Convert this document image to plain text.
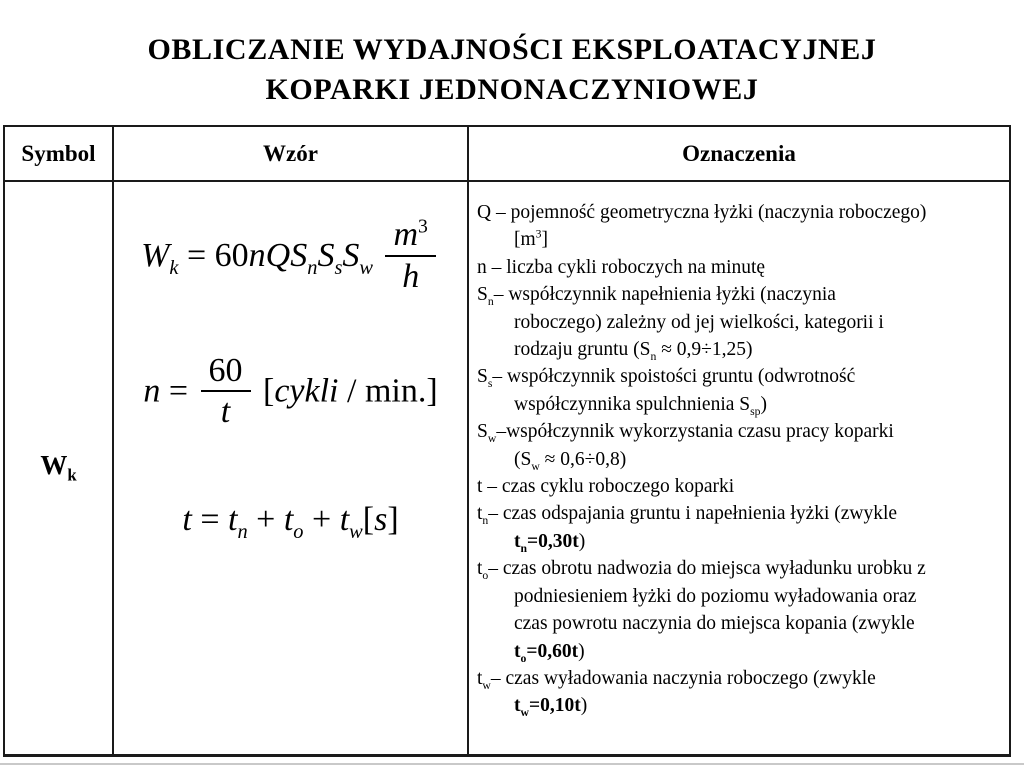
OBLICZANIE WYDAJNOŚCI EKSPLOATACYJNEJ
KOPARKI JEDNONACZYNIOWEJ
Symbol	Wzór	Oznaczenia
$W_k$
$W_k = 60nQS_nS_sS_w \frac{m^3}{h}$
$n = \frac{60}{t}$ [cykli / min.]
$t = t_n + t_o + t_w[s]$
Q – pojemność geometryczna łyżki (naczynia roboczego)
$[m^3]$
n – liczba cykli roboczych na minutę
$S_n-$ współczynnik napełnienia łyżki (naczynia
roboczego) zależny od jej wielkości, kategorii i
rodzaju gruntu $(S_n \approx 0,9\div 1,25)$
$S_s-$ współczynnik spoistości gruntu (odwrotność
współczynnika spulchnienia $S_{sp}$)
$S_w$–współczynnik wykorzystania czasu pracy koparki
$(S_w \approx 0,6\div 0,8)$
t – czas cyklu roboczego koparki
$t_n-$ czas odspajania gruntu i napełnienia łyżki (zwykle
$t_n=0,30t$)
$t_o-$ czas obrotu nadwozia do miejsca wyładunku urobku z
podniesieniem łyżki do poziomu wyładowania oraz
czas powrotu naczynia do miejsca kopania (zwykle
$t_o=0,60t$)
$t_w-$ czas wyładowania naczynia roboczego (zwykle
$t_w=0,10t$)
